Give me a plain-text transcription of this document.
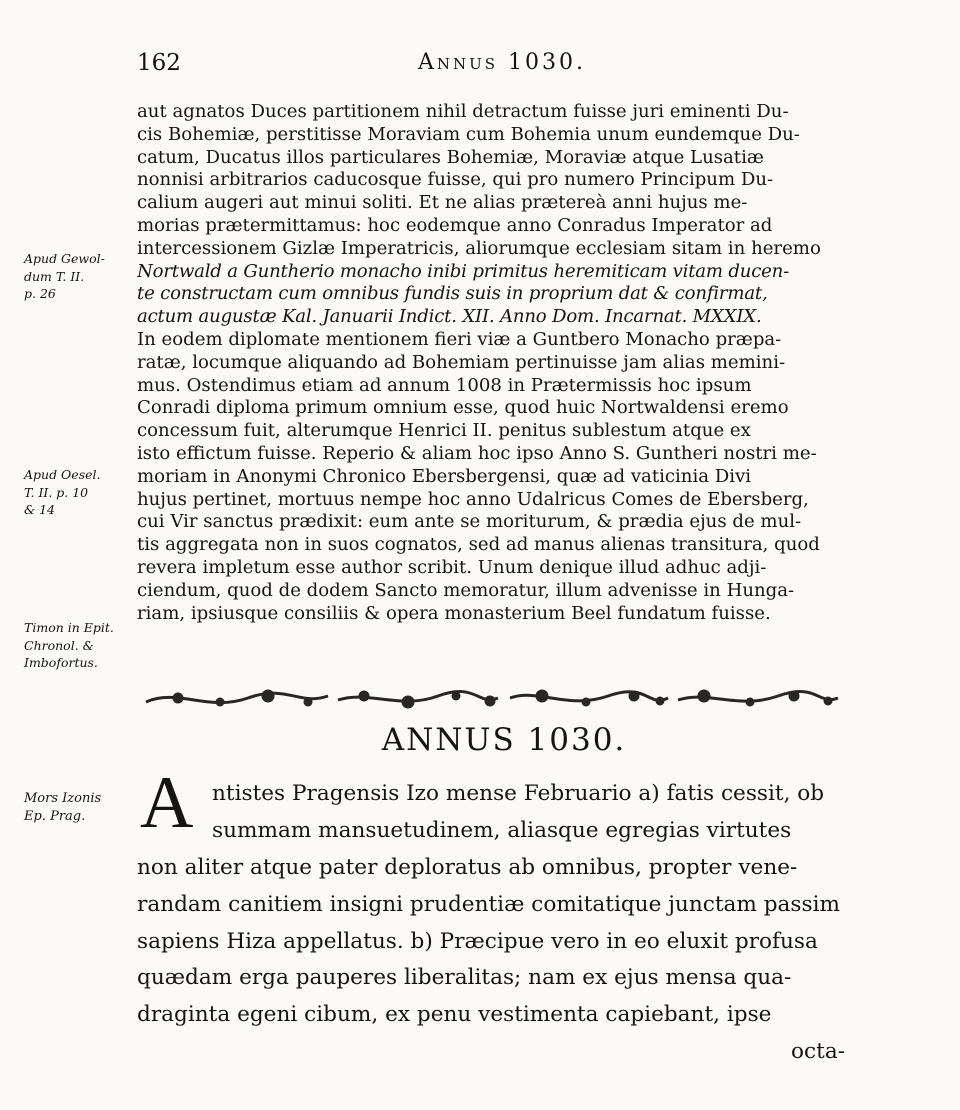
162	Annus 1030.
aut agnatos Duces partitionem nihil detractum fuisse juri eminenti Du-
cis Bohemiæ, perstitisse Moraviam cum Bohemia unum eundemque Du-
catum, Ducatus illos particulares Bohemiæ, Moraviæ atque Lusatiæ
nonnisi arbitrarios caducosque fuisse, qui pro numero Principum Du-
calium augeri aut minui soliti. Et ne alias prætereà anni hujus me-
morias prætermittamus: hoc eodemque anno Conradus Imperator ad
intercessionem Gizlæ Imperatricis, aliorumque ecclesiam sitam in heremo
Nortwald a Guntherio monacho inibi primitus heremiticam vitam ducen-
te constructam cum omnibus fundis suis in proprium dat & confirmat,
actum augustæ Kal. Januarii Indict. XII. Anno Dom. Incarnat. MXXIX.
In eodem diplomate mentionem fieri viæ a Guntbero Monacho præpa-
ratæ, locumque aliquando ad Bohemiam pertinuisse jam alias memini-
mus. Ostendimus etiam ad annum 1008 in Prætermissis hoc ipsum
Conradi diploma primum omnium esse, quod huic Nortwaldensi eremo
concessum fuit, alterumque Henrici II. penitus sublestum atque ex
isto effictum fuisse. Reperio & aliam hoc ipso Anno S. Guntheri nostri me-
moriam in Anonymi Chronico Ebersbergensi, quæ ad vaticinia Divi
hujus pertinet, mortuus nempe hoc anno Udalricus Comes de Ebersberg,
cui Vir sanctus prædixit: eum ante se moriturum, & prædia ejus de mul-
tis aggregata non in suos cognatos, sed ad manus alienas transitura, quod
revera impletum esse author scribit. Unum denique illud adhuc adji-
ciendum, quod de dodem Sancto memoratur, illum advenisse in Hunga-
riam, ipsiusque consiliis & opera monasterium Beel fundatum fuisse.
Apud Gewol-
dum T. II.
p. 26
Apud Oesel.
T. II. p. 10
& 14
Timon in Epit.
Chronol. &
Imbofortus.
ANNUS 1030.
A ntistes Pragensis Izo mense Februario a) fatis cessit, ob
summam mansuetudinem, aliasque egregias virtutes
non aliter atque pater deploratus ab omnibus, propter vene-
randam canitiem insigni prudentiæ comitatique junctam passim
sapiens Hiza appellatus. b) Præcipue vero in eo eluxit profusa
quædam erga pauperes liberalitas; nam ex ejus mensa qua-
draginta egeni cibum, ex penu vestimenta capiebant, ipse
octa-
Mors Izonis
Ep. Prag.
